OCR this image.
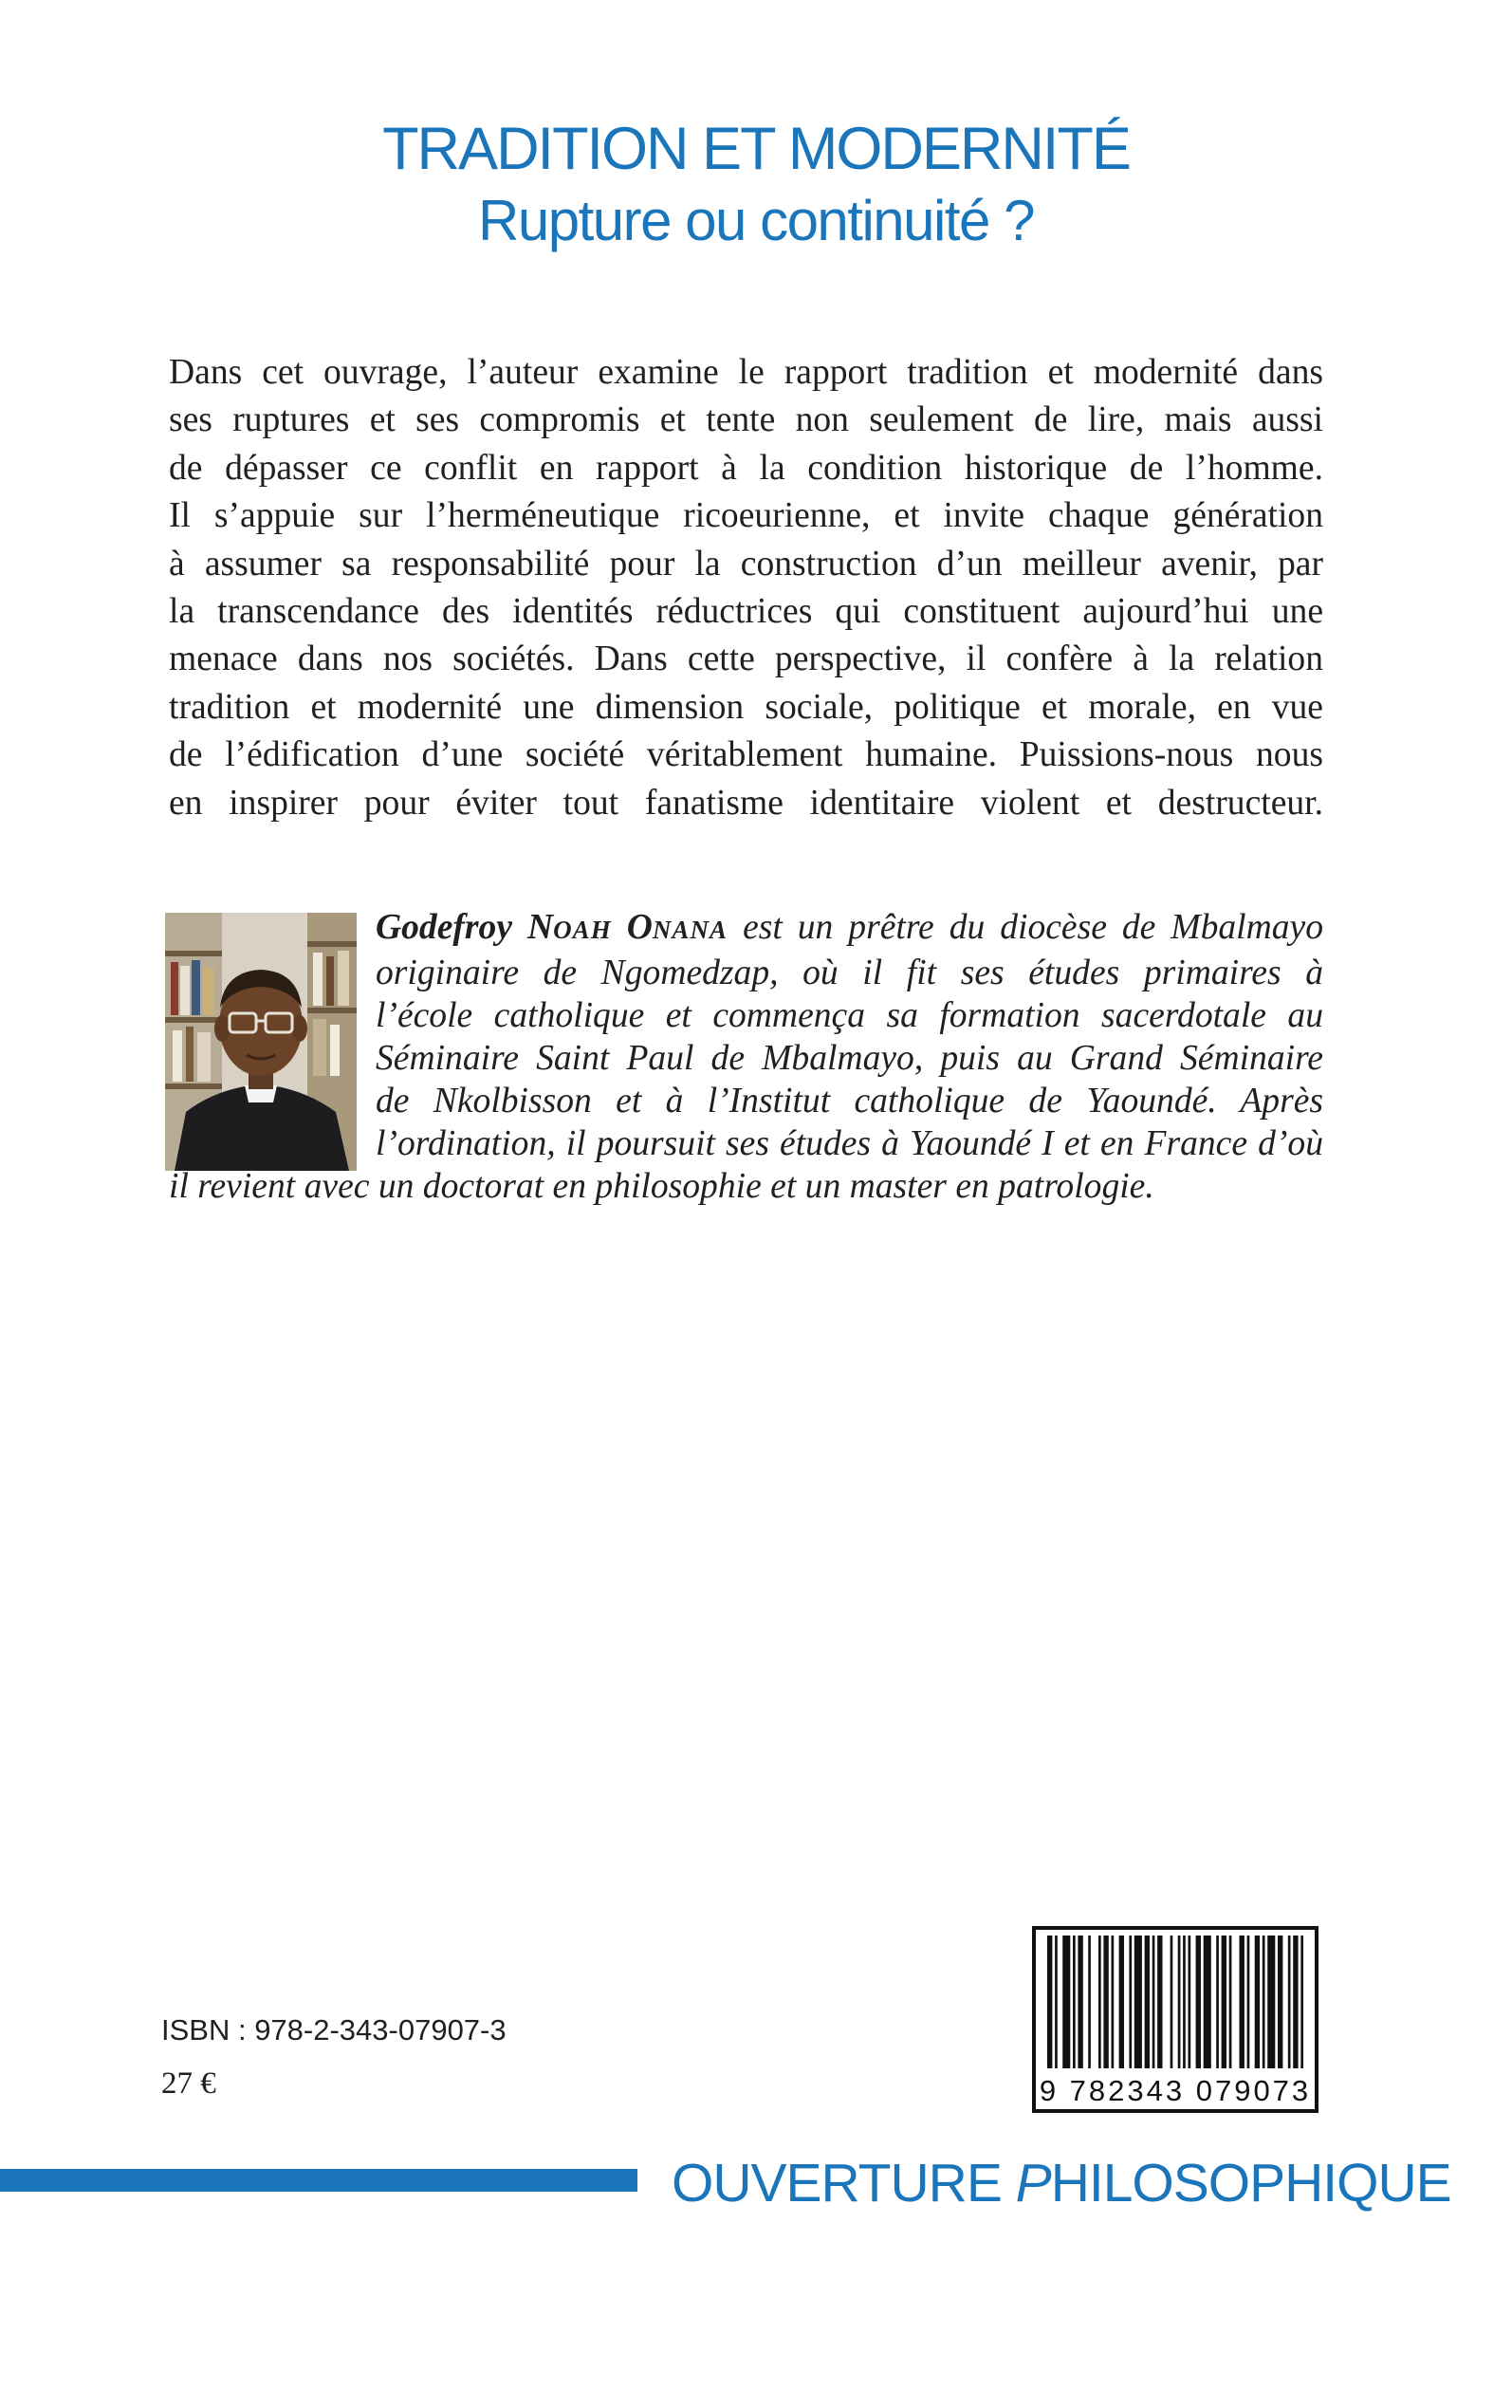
TRADITION ET MODERNITÉ
Rupture ou continuité ?
Dans cet ouvrage, l’auteur examine le rapport tradition et modernité dans
ses ruptures et ses compromis et tente non seulement de lire, mais aussi
de dépasser ce conflit en rapport à la condition historique de l’homme.
Il s’appuie sur l’herméneutique ricoeurienne, et invite chaque génération
à assumer sa responsabilité pour la construction d’un meilleur avenir, par
la transcendance des identités réductrices qui constituent aujourd’hui une
menace dans nos sociétés. Dans cette perspective, il confère à la relation
tradition et modernité une dimension sociale, politique et morale, en vue
de l’édification d’une société véritablement humaine. Puissions-nous nous
en inspirer pour éviter tout fanatisme identitaire violent et destructeur.
Godefroy NOAH ONANA est un prêtre du diocèse de Mbalmayo
originaire de Ngomedzap, où il fit ses études primaires à
l’école catholique et commença sa formation sacerdotale au
Séminaire Saint Paul de Mbalmayo, puis au Grand Séminaire
de Nkolbisson et à l’Institut catholique de Yaoundé. Après
l’ordination, il poursuit ses études à Yaoundé I et en France d’où
il revient avec un doctorat en philosophie et un master en patrologie.
ISBN : 978-2-343-07907-3
27 €	9 782343 079073
OUVERTURE PHILOSOPHIQUE
